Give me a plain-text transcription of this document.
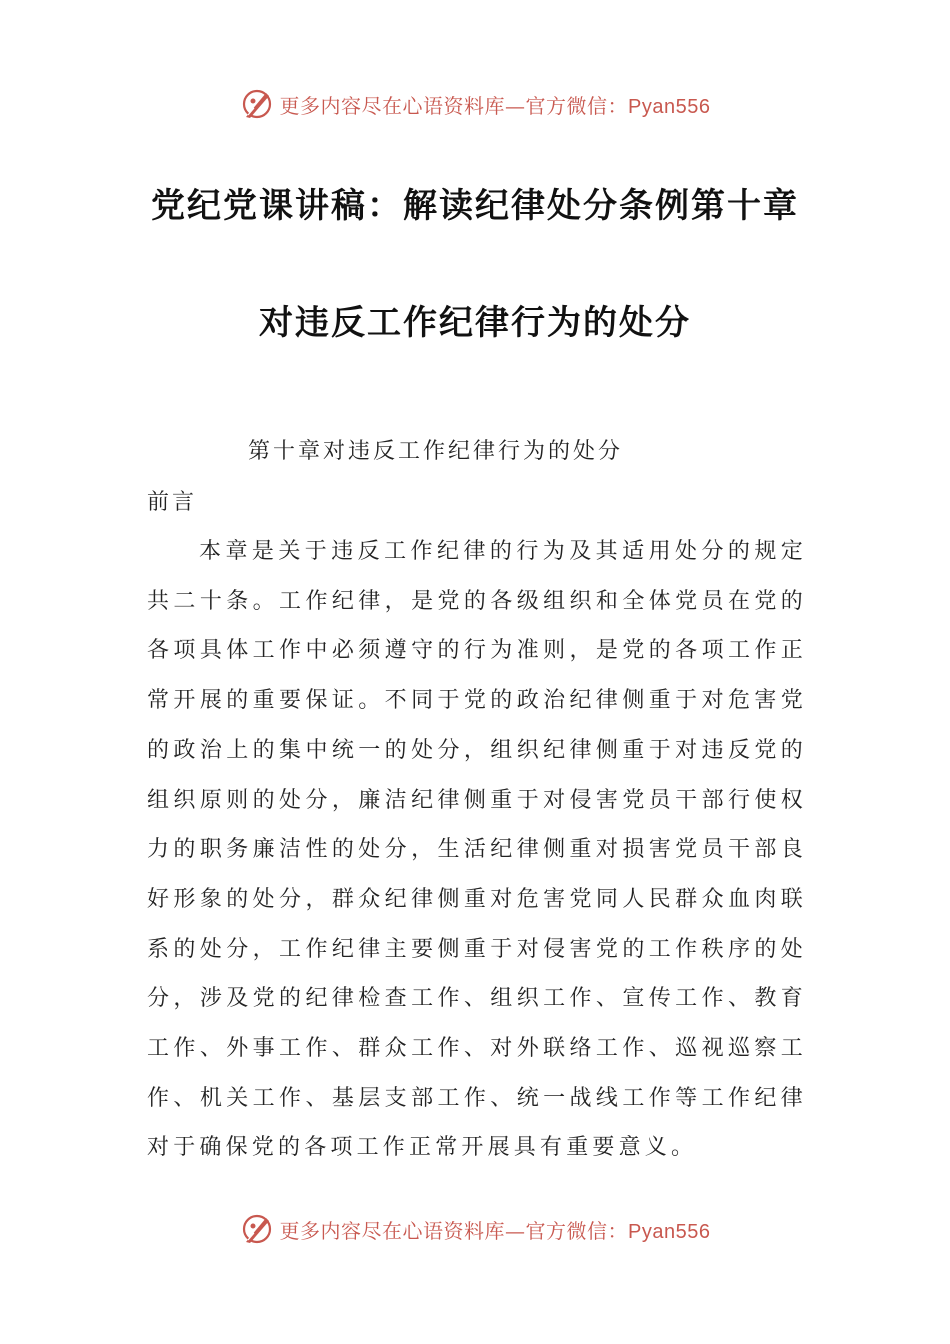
更多内容尽在心语资料库—官方微信：Pyan556
党纪党课讲稿：解读纪律处分条例第十章
对违反工作纪律行为的处分
第十章对违反工作纪律行为的处分
前言

本章是关于违反工作纪律的行为及其适用处分的规定共二十条。工作纪律，是党的各级组织和全体党员在党的各项具体工作中必须遵守的行为准则，是党的各项工作正常开展的重要保证。不同于党的政治纪律侧重于对危害党的政治上的集中统一的处分，组织纪律侧重于对违反党的组织原则的处分，廉洁纪律侧重于对侵害党员干部行使权力的职务廉洁性的处分，生活纪律侧重对损害党员干部良好形象的处分，群众纪律侧重对危害党同人民群众血肉联系的处分，工作纪律主要侧重于对侵害党的工作秩序的处分，涉及党的纪律检查工作、组织工作、宣传工作、教育工作、外事工作、群众工作、对外联络工作、巡视巡察工作、机关工作、基层支部工作、统一战线工作等工作纪律对于确保党的各项工作正常开展具有重要意义。

更多内容尽在心语资料库—官方微信：Pyan556
